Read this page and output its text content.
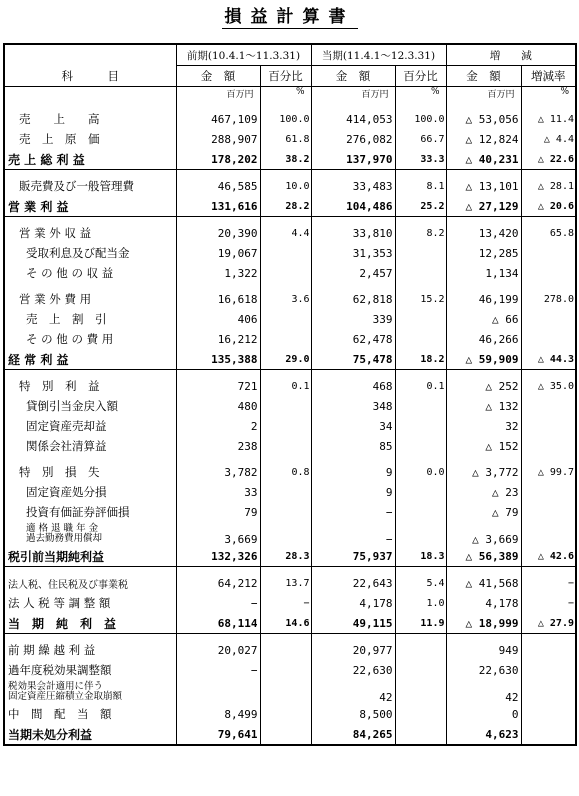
損益計算書
	前期(10.4.1〜11.3.31)		当期(11.4.1〜12.3.31)		増　　減	
科　　　目	金　額	百分比	金　額	百分比	金　額	増減率
	百万円	%	百万円	%	百万円	%
売　　上　　高	467,109	100.0	414,053	100.0	△ 53,056	△ 11.4
売　上　原　価	288,907	61.8	276,082	66.7	△ 12,824	△ 4.4
売 上 総 利 益	178,202	38.2	137,970	33.3	△ 40,231	△ 22.6

販売費及び一般管理費	46,585	10.0	33,483	8.1	△ 13,101	△ 28.1
営 業 利 益	131,616	28.2	104,486	25.2	△ 27,129	△ 20.6

営 業 外 収 益	20,390	4.4	33,810	8.2	13,420	65.8
受取利息及び配当金	19,067		31,353		12,285	
そ の 他 の 収 益	1,322		2,457		1,134	

営 業 外 費 用	16,618	3.6	62,818	15.2	46,199	278.0
売　上　割　引	406		339		△ 66	
そ の 他 の 費 用	16,212		62,478		46,266	
経 常 利 益	135,388	29.0	75,478	18.2	△ 59,909	△ 44.3

特　別　利　益	721	0.1	468	0.1	△ 252	△ 35.0
貸倒引当金戻入額	480		348		△ 132	
固定資産売却益	2		34		32	
関係会社清算益	238		85		△ 152	

特　別　損　失	3,782	0.8	9	0.0	△ 3,772	△ 99.7
固定資産処分損	33		9		△ 23	
投資有価証券評価損	79		−		△ 79	

適 格 退 職 年 金
過去勤務費用償却	3,669		−		△ 3,669	
税引前当期純利益	132,326	28.3	75,937	18.3	△ 56,389	△ 42.6

法人税、住民税及び事業税	64,212	13.7	22,643	5.4	△ 41,568	−
法 人 税 等 調 整 額	−	−	4,178	1.0	4,178	−
当　期　純　利　益	68,114	14.6	49,115	11.9	△ 18,999	△ 27.9

前 期 繰 越 利 益	20,027		20,977		949	
過年度税効果調整額	−		22,630		22,630	

税効果会計適用に伴う
固定資産圧縮積立金取崩額			42		42	
中　間　配　当　額	8,499		8,500		0	
当期未処分利益	79,641		84,265		4,623	
